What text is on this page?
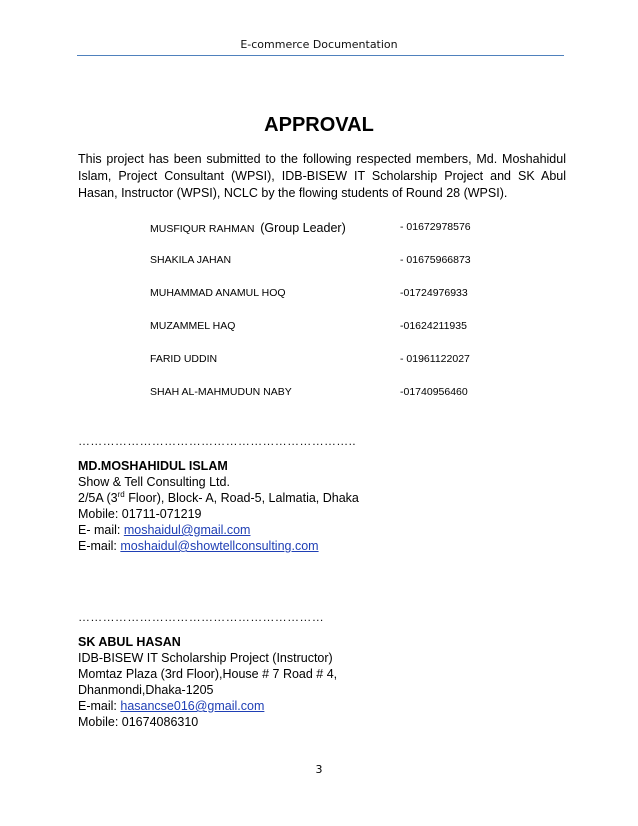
E-commerce Documentation
APPROVAL
This project has been submitted to the following respected members, Md. Moshahidul Islam, Project Consultant (WPSI), IDB-BISEW IT Scholarship Project and SK Abul Hasan, Instructor (WPSI), NCLC by the flowing students of Round 28 (WPSI).
MUSFIQUR RAHMAN (Group Leader)	- 01672978576
SHAKILA JAHAN	- 01675966873
MUHAMMAD ANAMUL HOQ	-01724976933
MUZAMMEL HAQ	-01624211935
FARID UDDIN	- 01961122027
SHAH AL-MAHMUDUN NABY	-01740956460
…………………………………………………………..
MD.MOSHAHIDUL ISLAM
Show & Tell Consulting Ltd.
2/5A (3rd Floor), Block- A, Road-5, Lalmatia, Dhaka
Mobile: 01711-071219
E- mail: moshaidul@gmail.com
E-mail: moshaidul@showtellconsulting.com
……………………………………………………
SK ABUL HASAN
IDB-BISEW IT Scholarship Project (Instructor)
Momtaz Plaza (3rd Floor),House # 7 Road # 4,
Dhanmondi,Dhaka-1205
E-mail: hasancse016@gmail.com
Mobile: 01674086310
3
